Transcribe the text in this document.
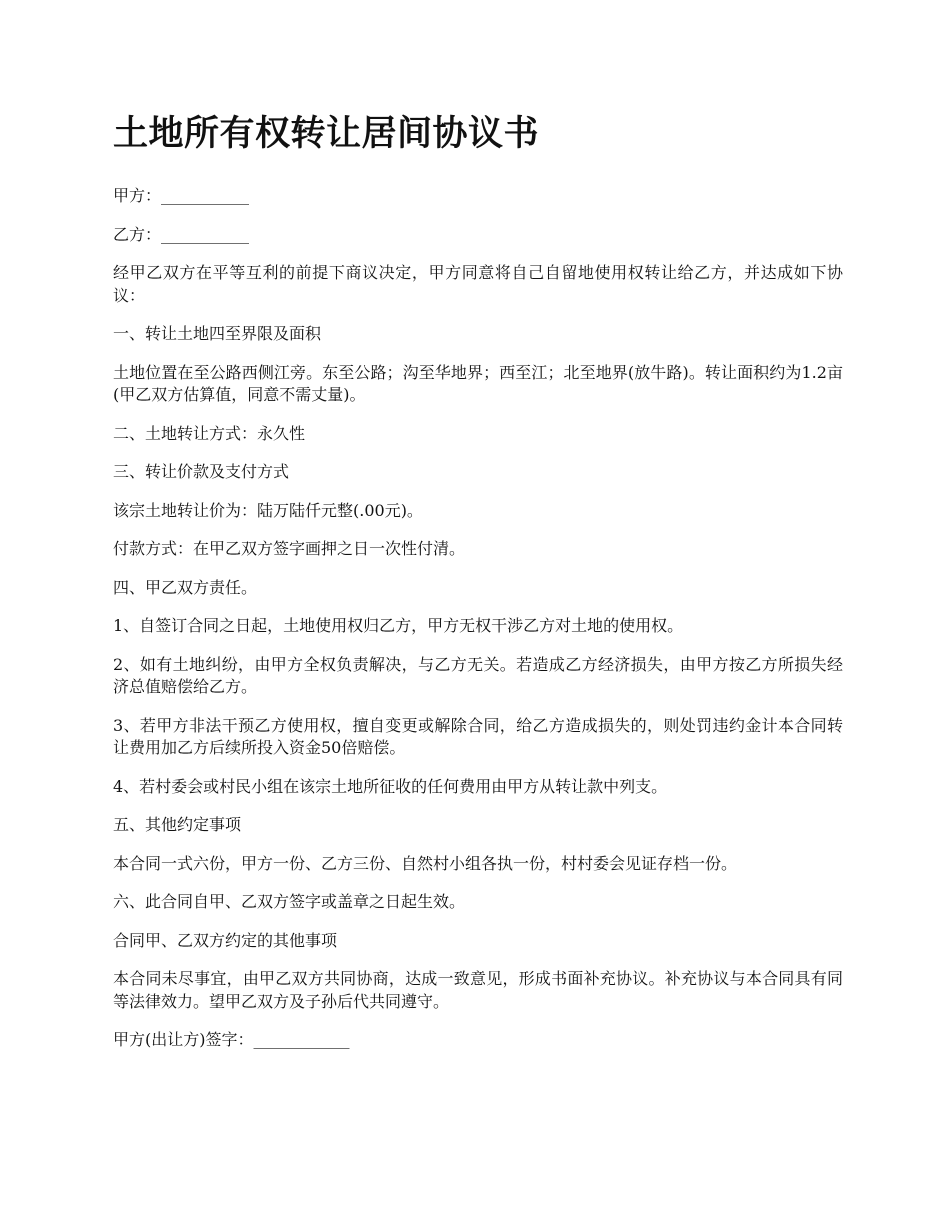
土地所有权转让居间协议书

甲方：___________

乙方：___________

经甲乙双方在平等互利的前提下商议决定，甲方同意将自己自留地使用权转让给乙方，并达成如下协议：

一、转让土地四至界限及面积

土地位置在至公路西侧江旁。东至公路；沟至华地界；西至江；北至地界(放牛路)。转让面积约为1.2亩(甲乙双方估算值，同意不需丈量)。

二、土地转让方式：永久性

三、转让价款及支付方式

该宗土地转让价为：陆万陆仟元整(.00元)。

付款方式：在甲乙双方签字画押之日一次性付清。

四、甲乙双方责任。

1、自签订合同之日起，土地使用权归乙方，甲方无权干涉乙方对土地的使用权。

2、如有土地纠纷，由甲方全权负责解决，与乙方无关。若造成乙方经济损失，由甲方按乙方所损失经济总值赔偿给乙方。

3、若甲方非法干预乙方使用权，擅自变更或解除合同，给乙方造成损失的，则处罚违约金计本合同转让费用加乙方后续所投入资金50倍赔偿。

4、若村委会或村民小组在该宗土地所征收的任何费用由甲方从转让款中列支。

五、其他约定事项

本合同一式六份，甲方一份、乙方三份、自然村小组各执一份，村村委会见证存档一份。

六、此合同自甲、乙双方签字或盖章之日起生效。

合同甲、乙双方约定的其他事项

本合同未尽事宜，由甲乙双方共同协商，达成一致意见，形成书面补充协议。补充协议与本合同具有同等法律效力。望甲乙双方及子孙后代共同遵守。

甲方(出让方)签字：____________
